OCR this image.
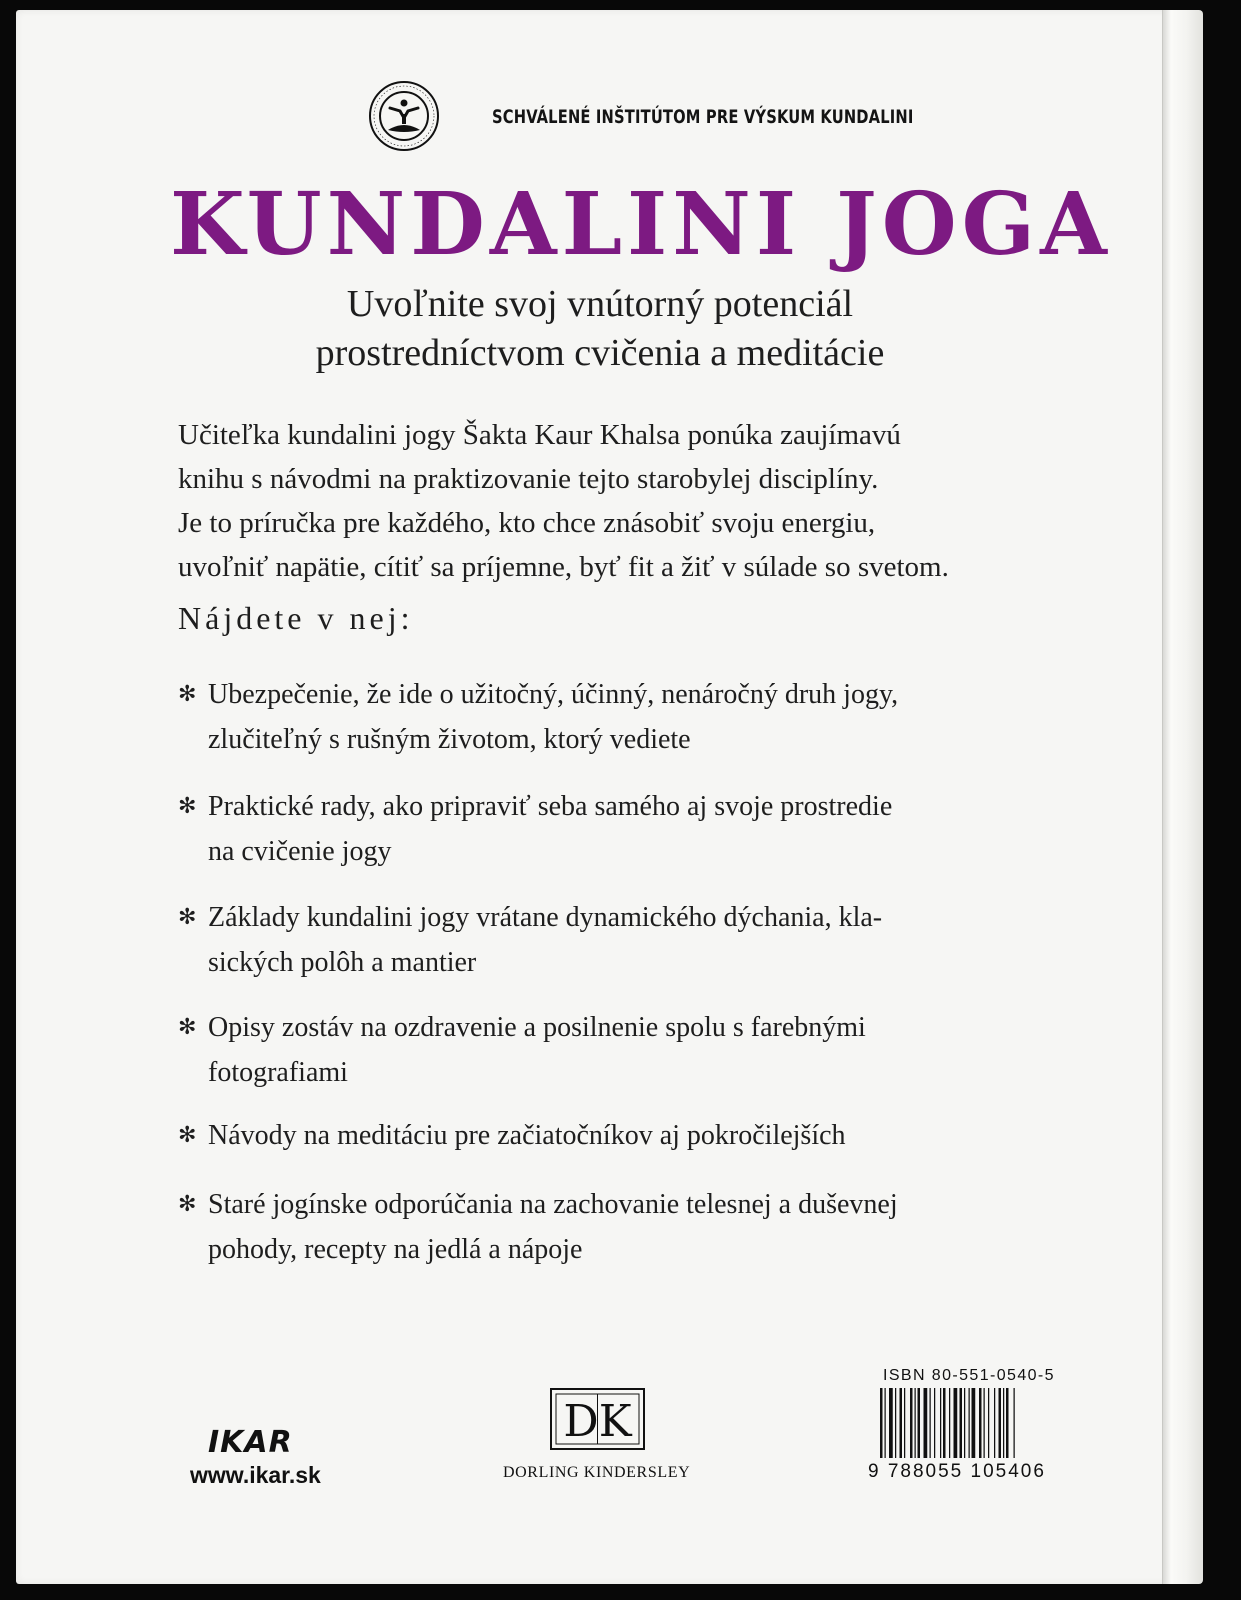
SCHVÁLENÉ INŠTITÚTOM PRE VÝSKUM KUNDALINI
KUNDALINI JOGA
Uvoľnite svoj vnútorný potenciál
prostredníctvom cvičenia a meditácie
Učiteľka kundalini jogy Šakta Kaur Khalsa ponúka zaujímavú
knihu s návodmi na praktizovanie tejto starobylej disciplíny.
Je to príručka pre každého, kto chce znásobiť svoju energiu,
uvoľniť napätie, cítiť sa príjemne, byť fit a žiť v súlade so svetom.
Nájdete v nej:
✻ Ubezpečenie, že ide o užitočný, účinný, nenáročný druh jogy,
zlučiteľný s rušným životom, ktorý vediete
✻ Praktické rady, ako pripraviť seba samého aj svoje prostredie
na cvičenie jogy
✻ Základy kundalini jogy vrátane dynamického dýchania, kla-
sických polôh a mantier
✻ Opisy zostáv na ozdravenie a posilnenie spolu s farebnými
fotografiami
✻ Návody na meditáciu pre začiatočníkov aj pokročilejších
✻ Staré jogínske odporúčania na zachovanie telesnej a duševnej
pohody, recepty na jedlá a nápoje
IKAR
www.ikar.sk
DK
DORLING KINDERSLEY
ISBN 80-551-0540-5
9 788055 105406
